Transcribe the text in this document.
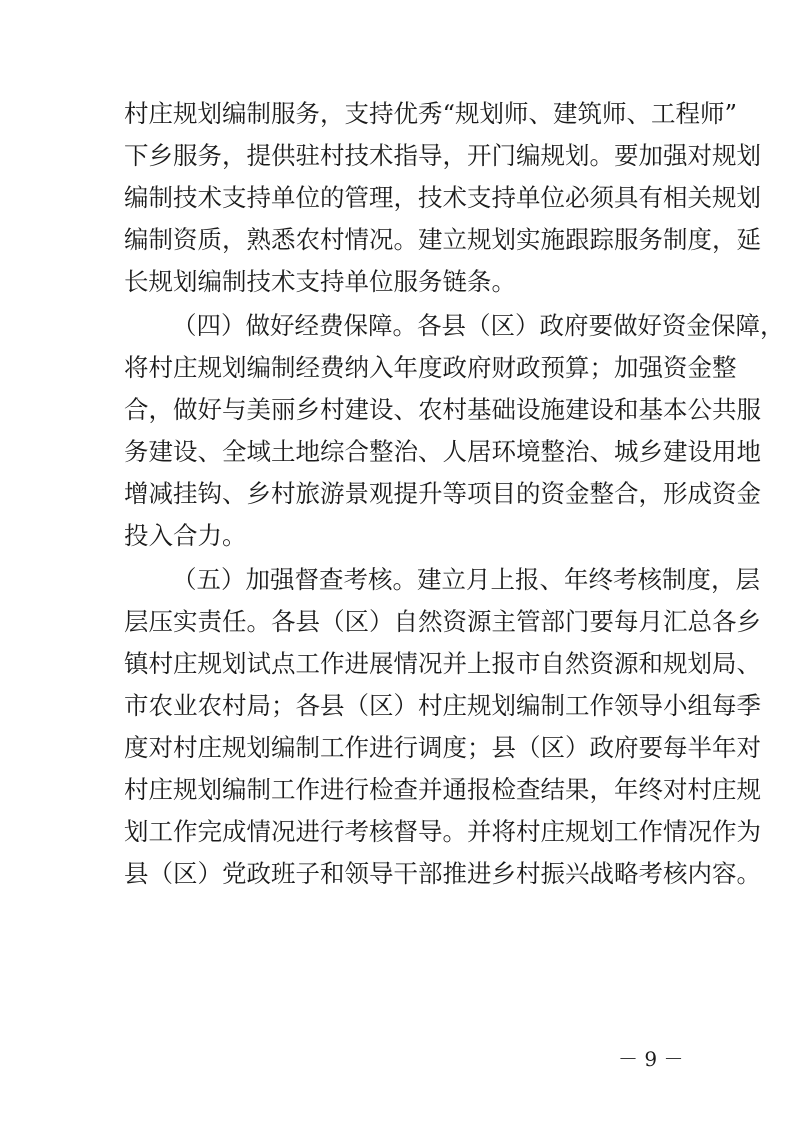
村庄规划编制服务，支持优秀“规划师、建筑师、工程师”
下乡服务，提供驻村技术指导，开门编规划。要加强对规划
编制技术支持单位的管理，技术支持单位必须具有相关规划
编制资质，熟悉农村情况。建立规划实施跟踪服务制度，延
长规划编制技术支持单位服务链条。
（四）做好经费保障。各县（区）政府要做好资金保障，
将村庄规划编制经费纳入年度政府财政预算；加强资金整
合，做好与美丽乡村建设、农村基础设施建设和基本公共服
务建设、全域土地综合整治、人居环境整治、城乡建设用地
增减挂钩、乡村旅游景观提升等项目的资金整合，形成资金
投入合力。
（五）加强督查考核。建立月上报、年终考核制度，层
层压实责任。各县（区）自然资源主管部门要每月汇总各乡
镇村庄规划试点工作进展情况并上报市自然资源和规划局、
市农业农村局；各县（区）村庄规划编制工作领导小组每季
度对村庄规划编制工作进行调度；县（区）政府要每半年对
村庄规划编制工作进行检查并通报检查结果，年终对村庄规
划工作完成情况进行考核督导。并将村庄规划工作情况作为
县（区）党政班子和领导干部推进乡村振兴战略考核内容。
－ 9 －
